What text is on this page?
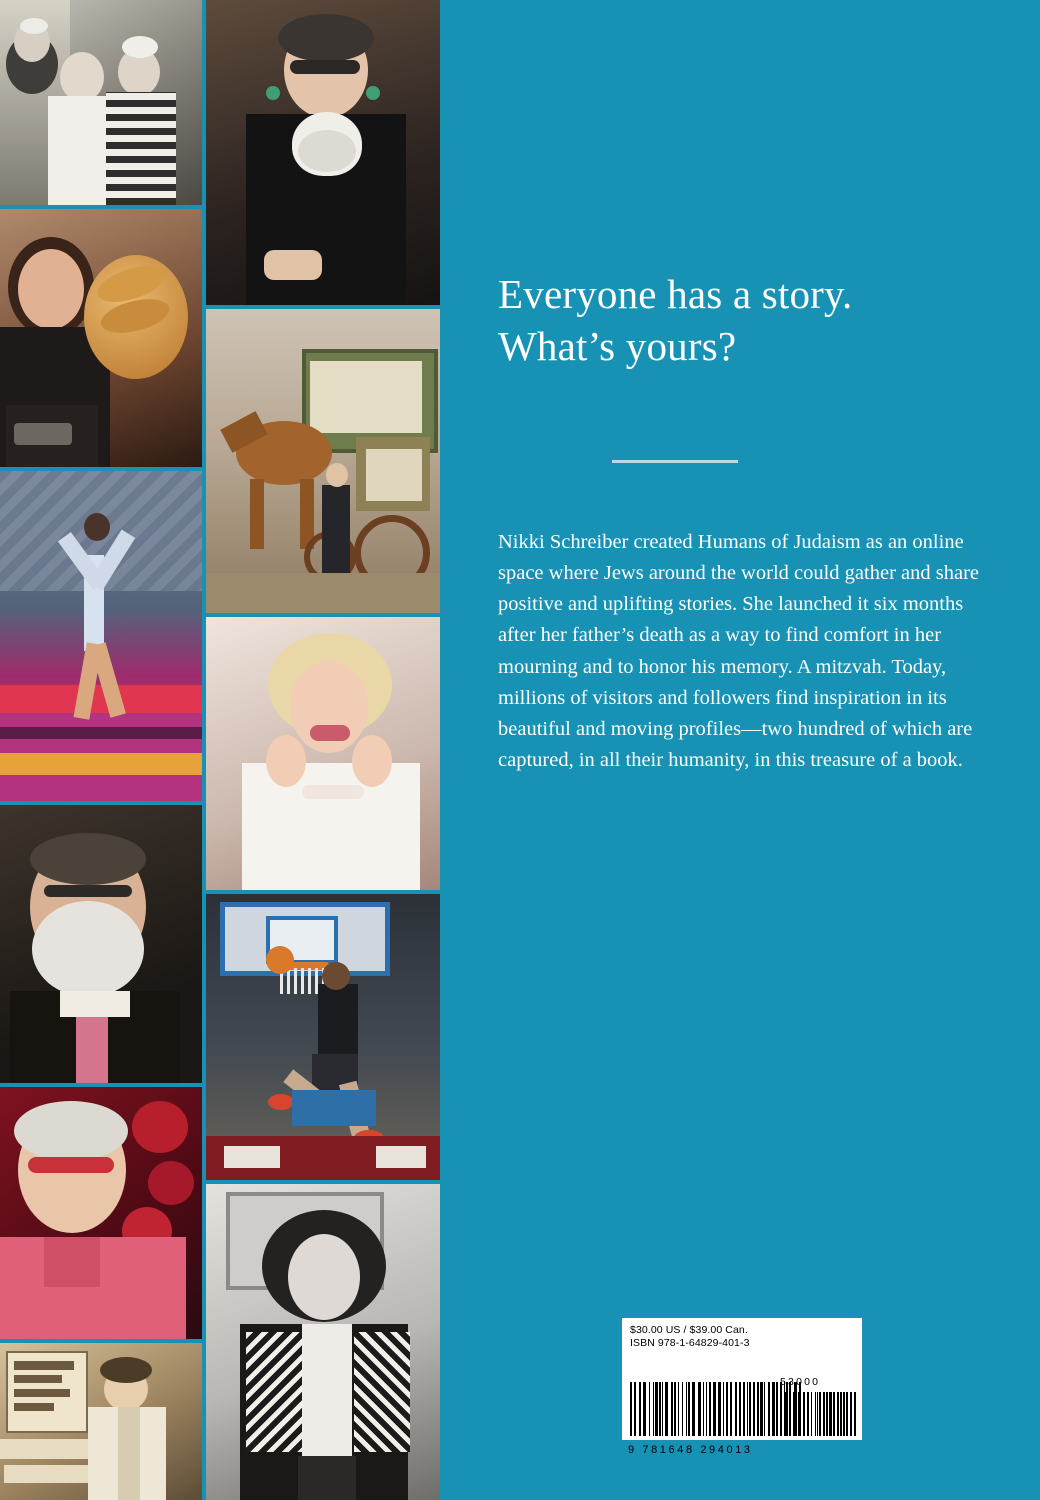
Everyone has a story.
What’s yours?
Nikki Schreiber created Humans of Judaism as an online space where Jews around the world could gather and share positive and uplifting stories. She launched it six months after her father’s death as a way to find comfort in her mourning and to honor his memory. A mitzvah. Today, millions of visitors and followers find inspiration in its beautiful and moving profiles—two hundred of which are captured, in all their humanity, in this treasure of a book.
$30.00 US / $39.00 Can.
ISBN 978-1-64829-401-3
9 781648 294013
53000
